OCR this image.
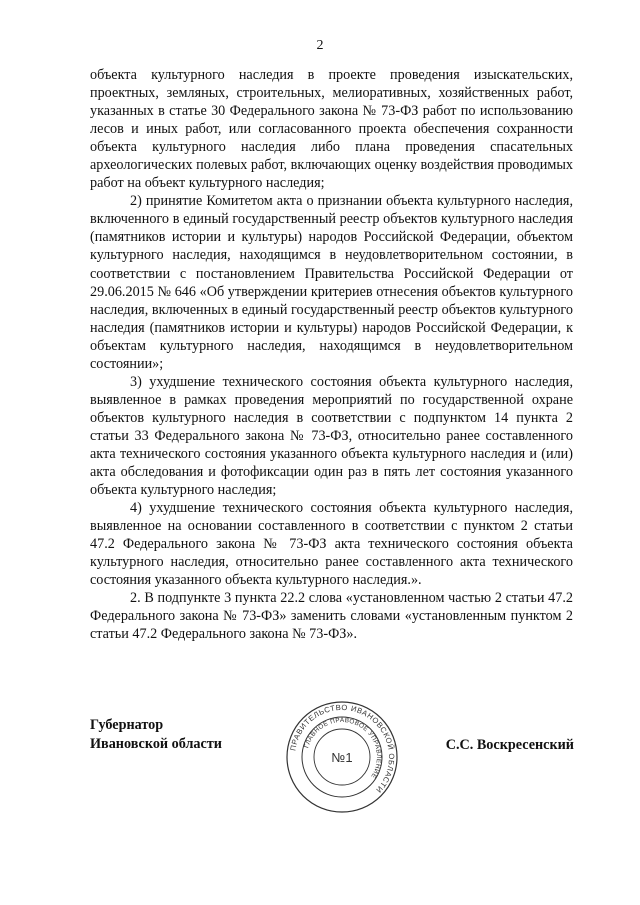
2

объекта культурного наследия в проекте проведения изыскательских, проектных, земляных, строительных, мелиоративных, хозяйственных работ, указанных в статье 30 Федерального закона № 73-ФЗ работ по использованию лесов и иных работ, или согласованного проекта обеспечения сохранности объекта культурного наследия либо плана проведения спасательных археологических полевых работ, включающих оценку воздействия проводимых работ на объект культурного наследия;

2) принятие Комитетом акта о признании объекта культурного наследия, включенного в единый государственный реестр объектов культурного наследия (памятников истории и культуры) народов Российской Федерации, объектом культурного наследия, находящимся в неудовлетворительном состоянии, в соответствии с постановлением Правительства Российской Федерации от 29.06.2015 № 646 «Об утверждении критериев отнесения объектов культурного наследия, включенных в единый государственный реестр объектов культурного наследия (памятников истории и культуры) народов Российской Федерации, к объектам культурного наследия, находящимся в неудовлетворительном состоянии»;

3) ухудшение технического состояния объекта культурного наследия, выявленное в рамках проведения мероприятий по государственной охране объектов культурного наследия в соответствии с подпунктом 14 пункта 2 статьи 33 Федерального закона № 73-ФЗ, относительно ранее составленного акта технического состояния указанного объекта культурного наследия и (или) акта обследования и фотофиксации один раз в пять лет состояния указанного объекта культурного наследия;

4) ухудшение технического состояния объекта культурного наследия, выявленное на основании составленного в соответствии с пунктом 2 статьи 47.2 Федерального закона № 73-ФЗ акта технического состояния объекта культурного наследия, относительно ранее составленного акта технического состояния указанного объекта культурного наследия.».

2. В подпункте 3 пункта 22.2 слова «установленном частью 2 статьи 47.2 Федерального закона № 73-ФЗ» заменить словами «установленным пунктом 2 статьи 47.2 Федерального закона № 73-ФЗ».

Губернатор
Ивановской области	С.С. Воскресенский
ПРАВИТЕЛЬСТВО ИВАНОВСКОЙ ОБЛАСТИ
ГЛАВНОЕ ПРАВОВОЕ УПРАВЛЕНИЕ
№1
